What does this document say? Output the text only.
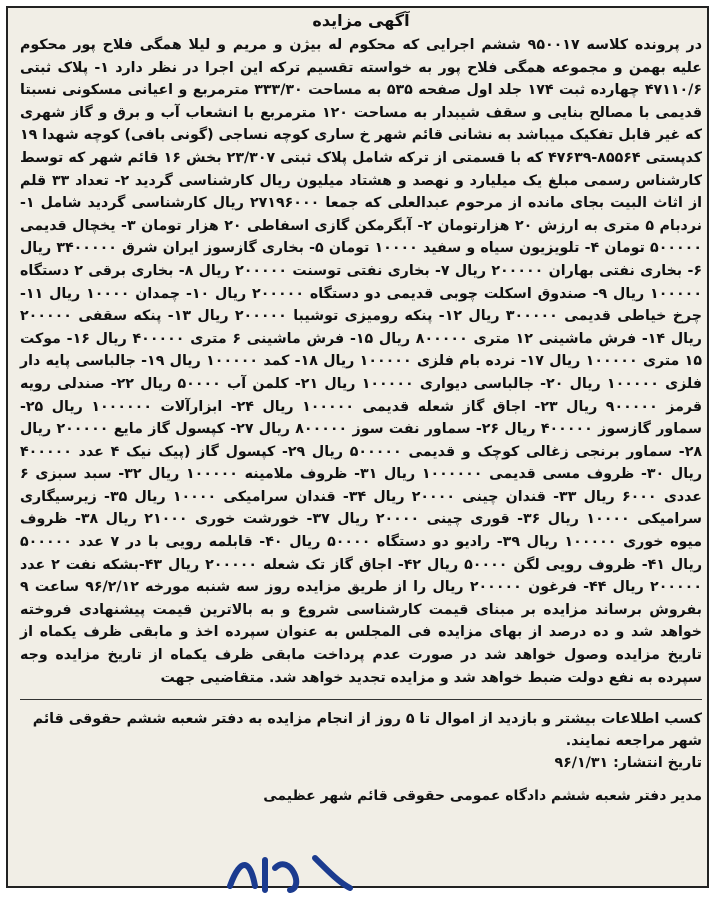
آگهی مزایده

در پرونده کلاسه ۹۵۰۰۱۷ ششم اجرایی که محکوم له بیژن و مریم و لیلا همگی فلاح پور محکوم علیه بهمن و مجموعه همگی فلاح پور به خواسته تقسیم ترکه این اجرا در نظر دارد ۱- پلاک ثبتی ۴۷۱۱۰/۶ چهارده ثبت ۱۷۴ جلد اول صفحه ۵۳۵ به مساحت ۳۳۳/۳۰ مترمربع و اعیانی مسکونی نسبتا قدیمی با مصالح بنایی و سقف شیبدار به مساحت ۱۲۰ مترمربع با انشعاب آب و برق و گاز شهری که غیر قابل تفکیک میباشد به نشانی قائم شهر خ ساری کوچه نساجی (گونی بافی) کوچه شهدا ۱۹ کدپستی ۸۵۵۶۴-۴۷۶۳۹ که با قسمتی از ترکه شامل پلاک ثبتی ۲۳/۳۰۷ بخش ۱۶ قائم شهر که توسط کارشناس رسمی مبلغ یک میلیارد و نهصد و هشتاد میلیون ریال کارشناسی گردید ۲- تعداد ۳۳ قلم از اثاث البیت بجای مانده از مرحوم عبدالعلی که جمعا ۲۷۱۹۶۰۰۰ ریال کارشناسی گردید شامل ۱- نردبام ۵ متری به ارزش ۲۰ هزارتومان ۲- آبگرمکن گازی اسفاطی ۲۰ هزار تومان ۳- یخچال قدیمی ۵۰۰۰۰۰ تومان ۴- تلویزیون سیاه و سفید ۱۰۰۰۰ تومان ۵- بخاری گازسوز ایران شرق ۳۴۰۰۰۰۰ ریال ۶- بخاری نفتی بهاران ۲۰۰۰۰۰ ریال ۷- بخاری نفتی توسنت ۲۰۰۰۰۰ ریال ۸- بخاری برقی ۲ دستگاه ۱۰۰۰۰۰ ریال ۹- صندوق اسکلت چوبی قدیمی دو دستگاه ۲۰۰۰۰۰ ریال ۱۰- چمدان ۱۰۰۰۰ ریال ۱۱-چرخ خیاطی قدیمی ۳۰۰۰۰۰ ریال ۱۲- پنکه رومیزی توشیبا ۲۰۰۰۰۰ ریال ۱۳- پنکه سقفی ۲۰۰۰۰۰ ریال ۱۴- فرش ماشینی ۱۲ متری ۸۰۰۰۰۰ ریال ۱۵- فرش ماشینی ۶ متری ۴۰۰۰۰۰ ریال ۱۶- موکت ۱۵ متری ۱۰۰۰۰۰ ریال ۱۷- نرده بام فلزی ۱۰۰۰۰۰ ریال ۱۸- کمد ۱۰۰۰۰۰ ریال ۱۹- جالباسی پایه دار فلزی ۱۰۰۰۰۰ ریال ۲۰- جالباسی دیواری ۱۰۰۰۰۰ ریال ۲۱- کلمن آب ۵۰۰۰۰ ریال ۲۲- صندلی رویه قرمز ۹۰۰۰۰۰ ریال ۲۳- اجاق گاز شعله قدیمی ۱۰۰۰۰۰ ریال ۲۴- ابزارآلات ۱۰۰۰۰۰۰ ریال ۲۵- سماور گازسوز ۴۰۰۰۰۰ ریال ۲۶- سماور نفت سوز ۸۰۰۰۰۰ ریال ۲۷- کپسول گاز مایع ۲۰۰۰۰۰ ریال ۲۸- سماور برنجی زغالی کوچک و قدیمی ۵۰۰۰۰۰ ریال ۲۹- کپسول گاز (پیک نیک ۴ عدد ۴۰۰۰۰۰ ریال ۳۰- ظروف مسی قدیمی ۱۰۰۰۰۰۰ ریال ۳۱- ظروف ملامینه ۱۰۰۰۰۰ ریال ۳۲- سبد سبزی ۶ عددی ۶۰۰۰ ریال ۳۳- قندان چینی ۲۰۰۰۰ ریال ۳۴- قندان سرامیکی ۱۰۰۰۰ ریال ۳۵- زیرسیگاری سرامیکی ۱۰۰۰۰ ریال ۳۶- قوری چینی ۲۰۰۰۰ ریال ۳۷- خورشت خوری ۲۱۰۰۰ ریال ۳۸- ظروف میوه خوری ۱۰۰۰۰۰ ریال ۳۹- رادیو دو دستگاه ۵۰۰۰۰ ریال ۴۰- قابلمه رویی با در ۷ عدد ۵۰۰۰۰۰ ریال ۴۱- ظروف رویی لگن ۵۰۰۰۰ ریال ۴۲- اجاق گاز تک شعله ۲۰۰۰۰۰ ریال ۴۳-بشکه نفت ۲ عدد ۲۰۰۰۰۰ ریال ۴۴- فرغون ۲۰۰۰۰۰ ریال را از طریق مزایده روز سه شنبه مورخه ۹۶/۲/۱۲ ساعت ۹ بفروش برساند مزایده بر مبنای قیمت کارشناسی شروع و به بالاترین قیمت پیشنهادی فروخته خواهد شد و ده درصد از بهای مزایده فی المجلس به عنوان سپرده اخذ و مابقی ظرف یکماه از تاریخ مزایده وصول خواهد شد در صورت عدم پرداخت مابقی ظرف یکماه از تاریخ مزایده وجه سپرده به نفع دولت ضبط خواهد شد و مزایده تجدید خواهد شد. متقاضیی جهت

کسب اطلاعات بیشتر و بازدید از اموال تا ۵ روز از انجام مزایده به دفتر شعبه ششم حقوقی قائم شهر مراجعه نمایند.

تاریخ انتشار: ۹۶/۱/۳۱

مدیر دفتر شعبه ششم دادگاه عمومی حقوقی قائم شهر عظیمی
